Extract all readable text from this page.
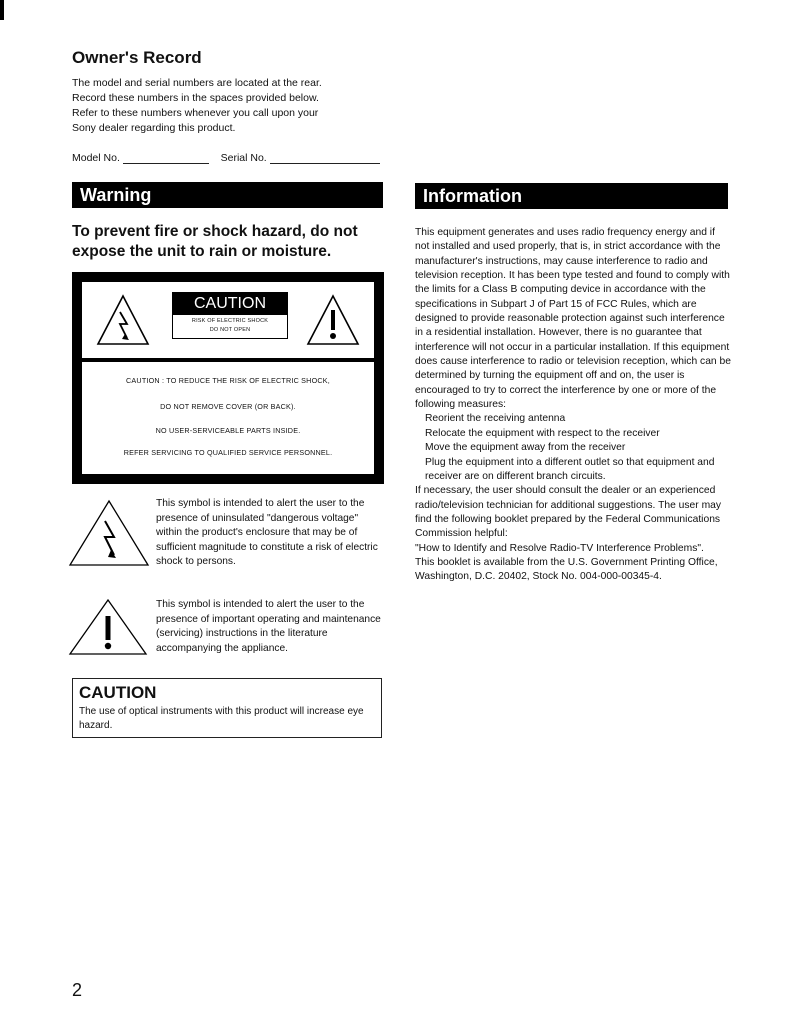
Owner's Record

The model and serial numbers are located at the rear.

Record these numbers in the spaces provided below.

Refer to these numbers whenever you call upon your

Sony dealer regarding this product.

Model No.	Serial No.
Warning	Information

To prevent fire or shock hazard, do not expose the unit to rain or moisture.

CAUTION
RISK OF ELECTRIC SHOCK
DO NOT OPEN

CAUTION : TO REDUCE THE RISK OF ELECTRIC SHOCK,

DO NOT REMOVE COVER (OR BACK).

NO USER-SERVICEABLE PARTS INSIDE.

REFER SERVICING TO QUALIFIED SERVICE PERSONNEL.

This symbol is intended to alert the user to the presence of uninsulated "dangerous voltage" within the product's enclosure that may be of sufficient magnitude to constitute a risk of electric shock to persons.

This symbol is intended to alert the user to the presence of important operating and maintenance (servicing) instructions in the literature accompanying the appliance.

CAUTION

The use of optical instruments with this product will increase eye hazard.

This equipment generates and uses radio frequency energy and if not installed and used properly, that is, in strict accordance with the manufacturer's instructions, may cause interference to radio and television reception. It has been type tested and found to comply with the limits for a Class B computing device in accordance with the specifications in Subpart J of Part 15 of FCC Rules, which are designed to provide reasonable protection against such interference in a residential installation. However, there is no guarantee that interference will not occur in a particular installation. If this equipment does cause interference to radio or television reception, which can be determined by turning the equipment off and on, the user is encouraged to try to correct the interference by one or more of the following measures:

Reorient the receiving antenna

Relocate the equipment with respect to the receiver

Move the equipment away from the receiver

Plug the equipment into a different outlet so that equipment and receiver are on different branch circuits.

If necessary, the user should consult the dealer or an experienced radio/television technician for additional suggestions. The user may find the following booklet prepared by the Federal Communications Commission helpful:

"How to Identify and Resolve Radio-TV Interference Problems".

This booklet is available from the U.S. Government Printing Office, Washington, D.C. 20402, Stock No. 004-000-00345-4.

2
